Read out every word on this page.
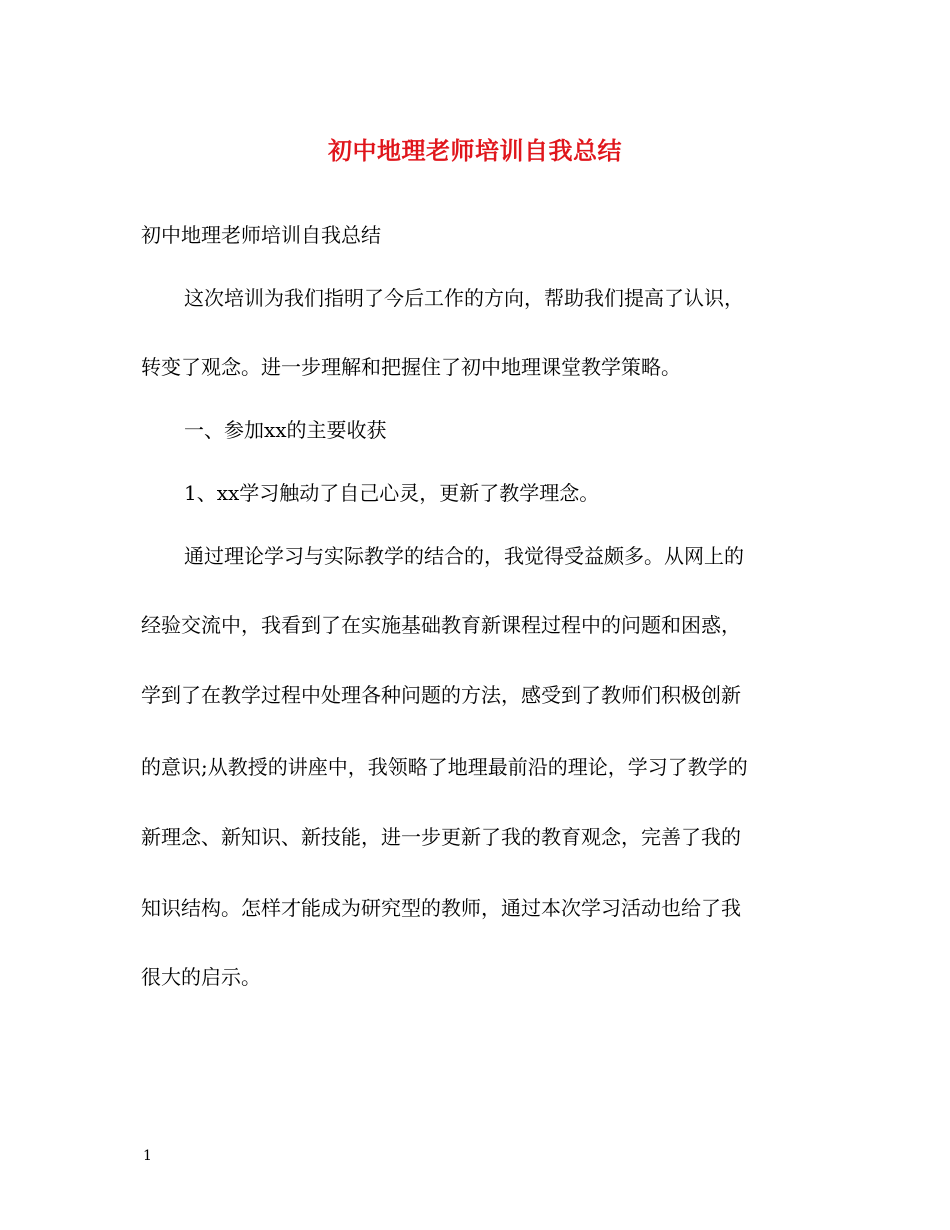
初中地理老师培训自我总结
初中地理老师培训自我总结
这次培训为我们指明了今后工作的方向，帮助我们提高了认识，
转变了观念。进一步理解和把握住了初中地理课堂教学策略。
一、参加xx的主要收获
1、xx学习触动了自己心灵，更新了教学理念。
通过理论学习与实际教学的结合的，我觉得受益颇多。从网上的
经验交流中，我看到了在实施基础教育新课程过程中的问题和困惑，
学到了在教学过程中处理各种问题的方法，感受到了教师们积极创新
的意识;从教授的讲座中，我领略了地理最前沿的理论，学习了教学的
新理念、新知识、新技能，进一步更新了我的教育观念，完善了我的
知识结构。怎样才能成为研究型的教师，通过本次学习活动也给了我
很大的启示。
1
